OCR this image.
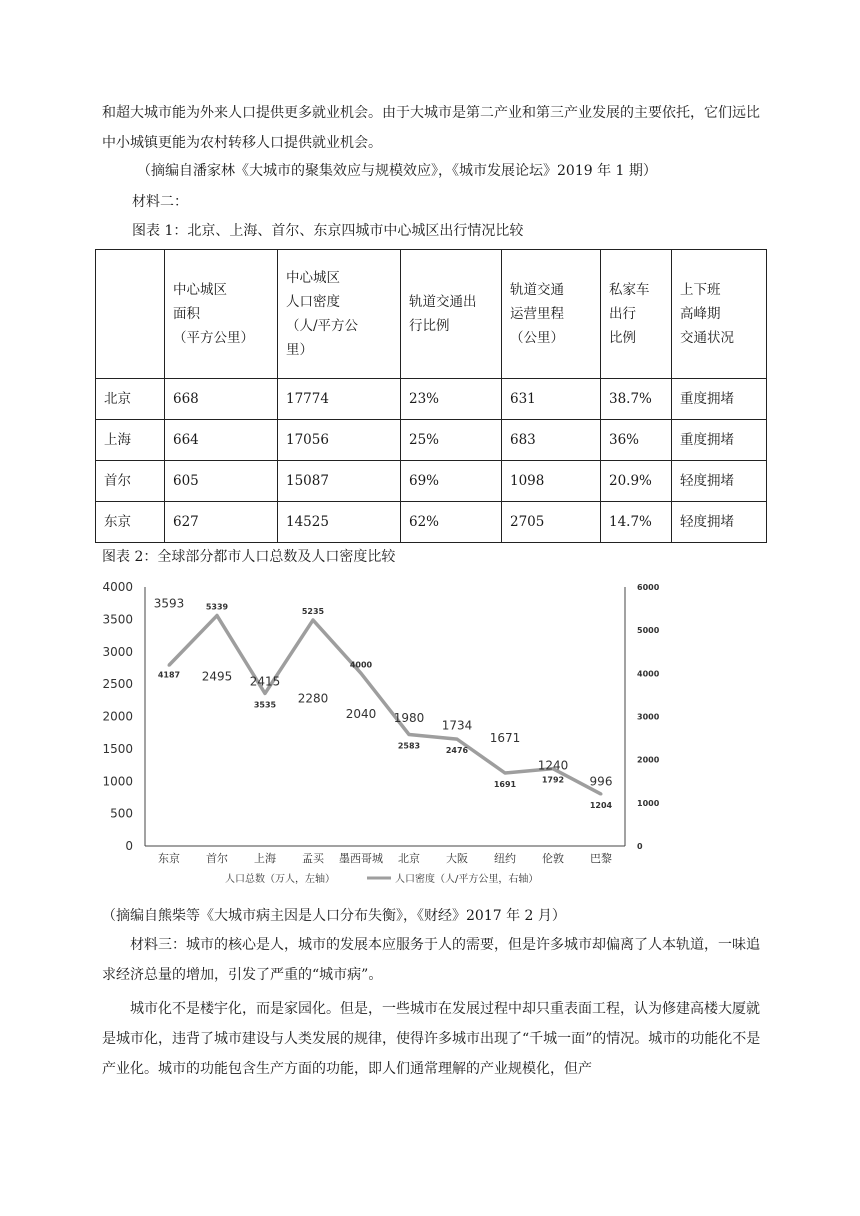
和超大城市能为外来人口提供更多就业机会。由于大城市是第二产业和第三产业发展的主要依托，它们远比中小城镇更能为农村转移人口提供就业机会。

（摘编自潘家林《大城市的聚集效应与规模效应》，《城市发展论坛》2019 年 1 期）

材料二：

图表 1：北京、上海、首尔、东京四城市中心城区出行情况比较

	中心城区
面积
（平方公里）	中心城区
人口密度
（人/平方公
里）	轨道交通出
行比例	轨道交通
运营里程
（公里）	私家车
出行
比例	上下班
高峰期
交通状况
北京	668	17774	23%	631	38.7%	重度拥堵
上海	664	17056	25%	683	36%	重度拥堵
首尔	605	15087	69%	1098	20.9%	轻度拥堵
东京	627	14525	62%	2705	14.7%	轻度拥堵

图表 2：全球部分都市人口总数及人口密度比较

0
500
1000
1500
2000
2500
3000
3500
4000
0
1000
2000
3000
4000
5000
6000
东京 首尔 上海 孟买 墨西哥城 北京 大阪 纽约 伦敦 巴黎
4187
5339
3535
5235
4000
2583
2476
1691	1792
1204
3593
2495 2415
2280
2040 1980
1734
1671
1240
996
人口总数（万人，左轴）	人口密度（人/平方公里，右轴）

（摘编自熊柴等《大城市病主因是人口分布失衡》，《财经》2017 年 2 月）

材料三：城市的核心是人，城市的发展本应服务于人的需要，但是许多城市却偏离了人本轨道，一味追求经济总量的增加，引发了严重的“城市病”。

城市化不是楼宇化，而是家园化。但是，一些城市在发展过程中却只重表面工程，认为修建高楼大厦就是城市化，违背了城市建设与人类发展的规律，使得许多城市出现了“千城一面”的情况。城市的功能化不是产业化。城市的功能包含生产方面的功能，即人们通常理解的产业规模化，但产
